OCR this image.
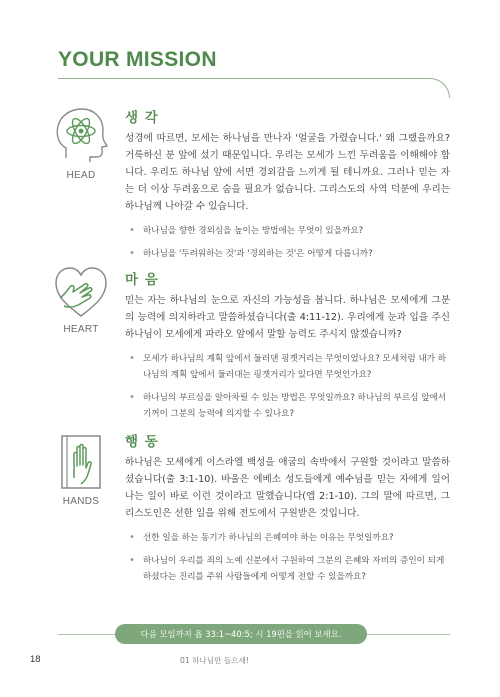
YOUR MISSION
HEAD
생 각
성경에 따르면, 모세는 하나님을 만나자 '얼굴을 가렸습니다.' 왜 그랬을까요? 거룩하신 분 앞에 섰기 때문입니다. 우리는 모세가 느낀 두려움을 이해해야 합니다. 우리도 하나님 앞에 서면 경외감을 느끼게 될 테니까요. 그러나 믿는 자는 더 이상 두려움으로 숨을 필요가 없습니다. 그리스도의 사역 덕분에 우리는 하나님께 나아갈 수 있습니다.
• 하나님을 향한 경외심을 높이는 방법에는 무엇이 있을까요?
• 하나님을 '두려워하는 것'과 '경외하는 것'은 어떻게 다릅니까?
HEART
마 음
믿는 자는 하나님의 눈으로 자신의 가능성을 봅니다. 하나님은 모세에게 그분의 능력에 의지하라고 말씀하셨습니다(출 4:11-12). 우리에게 눈과 입을 주신 하나님이 모세에게 파라오 앞에서 말할 능력도 주시지 않겠습니까?
• 모세가 하나님의 계획 앞에서 둘러댄 핑곗거리는 무엇이었나요? 모세처럼 내가 하나님의 계획 앞에서 둘러대는 핑곗거리가 있다면 무엇인가요?
• 하나님의 부르심을 알아차릴 수 있는 방법은 무엇일까요? 하나님의 부르심 앞에서 기꺼이 그분의 능력에 의지할 수 있나요?
HANDS
행 동
하나님은 모세에게 이스라엘 백성을 애굽의 속박에서 구원할 것이라고 말씀하셨습니다(출 3:1-10). 바울은 에베소 성도들에게 예수님을 믿는 자에게 일어나는 일이 바로 이런 것이라고 말했습니다(엡 2:1-10). 그의 말에 따르면, 그리스도인은 선한 일을 위해 전도에서 구원받은 것입니다.
• 선한 일을 하는 동기가 하나님의 은혜여야 하는 이유는 무엇일까요?
• 하나님이 우리를 죄의 노예 신분에서 구원하여 그분의 은혜와 자비의 증인이 되게 하셨다는 진리를 주위 사람들에게 어떻게 전할 수 있을까요?
다음 모임까지 욥 33:1~40:5; 시 19편을 읽어 보세요.
18	01 하나님만 들으세!
